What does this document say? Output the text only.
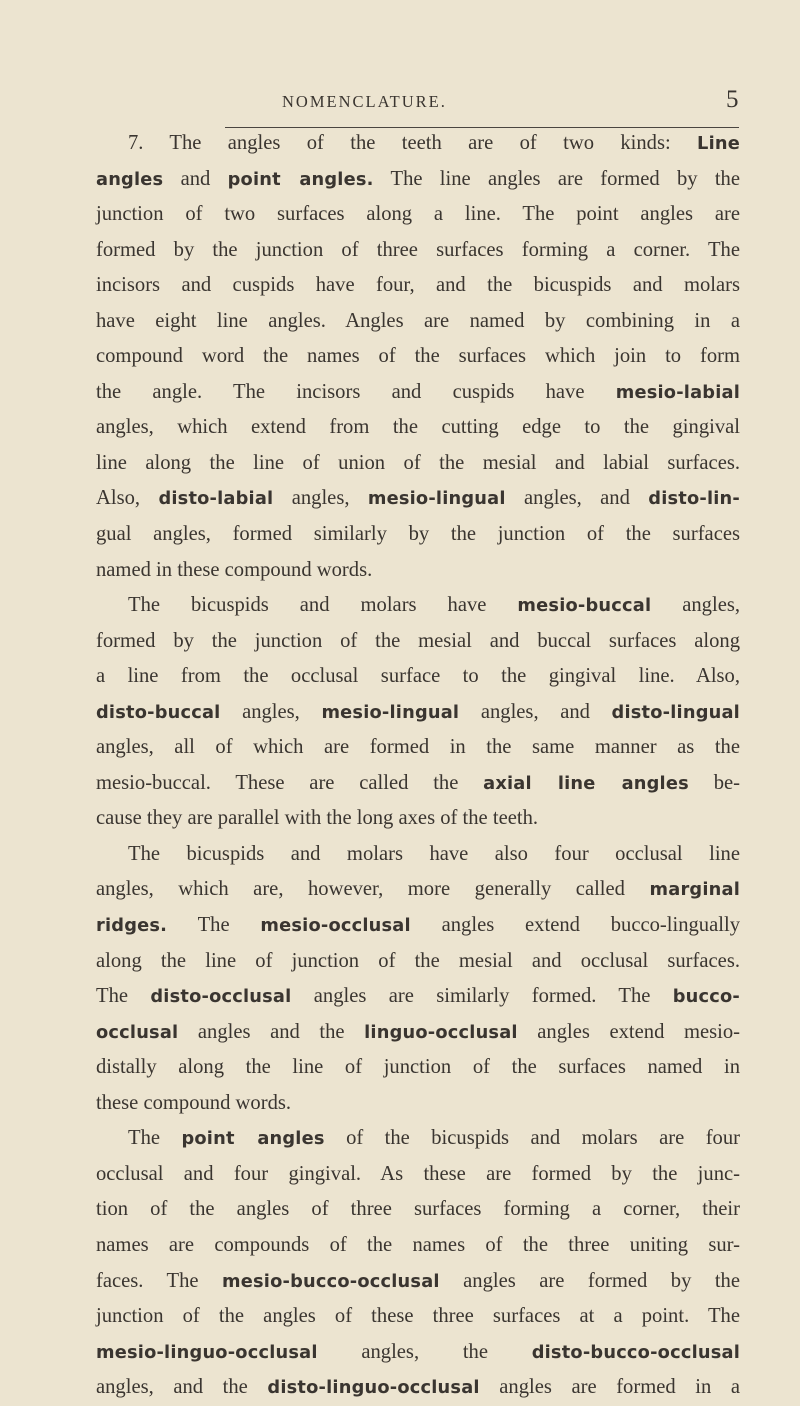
NOMENCLATURE.	5
7. The angles of the teeth are of two kinds: Line
angles and point angles. The line angles are formed by the
junction of two surfaces along a line. The point angles are
formed by the junction of three surfaces forming a corner. The
incisors and cuspids have four, and the bicuspids and molars
have eight line angles. Angles are named by combining in a
compound word the names of the surfaces which join to form
the angle. The incisors and cuspids have mesio-labial
angles, which extend from the cutting edge to the gingival
line along the line of union of the mesial and labial surfaces.
Also, disto-labial angles, mesio-lingual angles, and disto-lin-
gual angles, formed similarly by the junction of the surfaces
named in these compound words.
The bicuspids and molars have mesio-buccal angles,
formed by the junction of the mesial and buccal surfaces along
a line from the occlusal surface to the gingival line. Also,
disto-buccal angles, mesio-lingual angles, and disto-lingual
angles, all of which are formed in the same manner as the
mesio-buccal. These are called the axial line angles be-
cause they are parallel with the long axes of the teeth.
The bicuspids and molars have also four occlusal line
angles, which are, however, more generally called marginal
ridges. The mesio-occlusal angles extend bucco-lingually
along the line of junction of the mesial and occlusal surfaces.
The disto-occlusal angles are similarly formed. The bucco-
occlusal angles and the linguo-occlusal angles extend mesio-
distally along the line of junction of the surfaces named in
these compound words.
The point angles of the bicuspids and molars are four
occlusal and four gingival. As these are formed by the junc-
tion of the angles of three surfaces forming a corner, their
names are compounds of the names of the three uniting sur-
faces. The mesio-bucco-occlusal angles are formed by the
junction of the angles of these three surfaces at a point. The
mesio-linguo-occlusal angles, the disto-bucco-occlusal
angles, and the disto-linguo-occlusal angles are formed in a
